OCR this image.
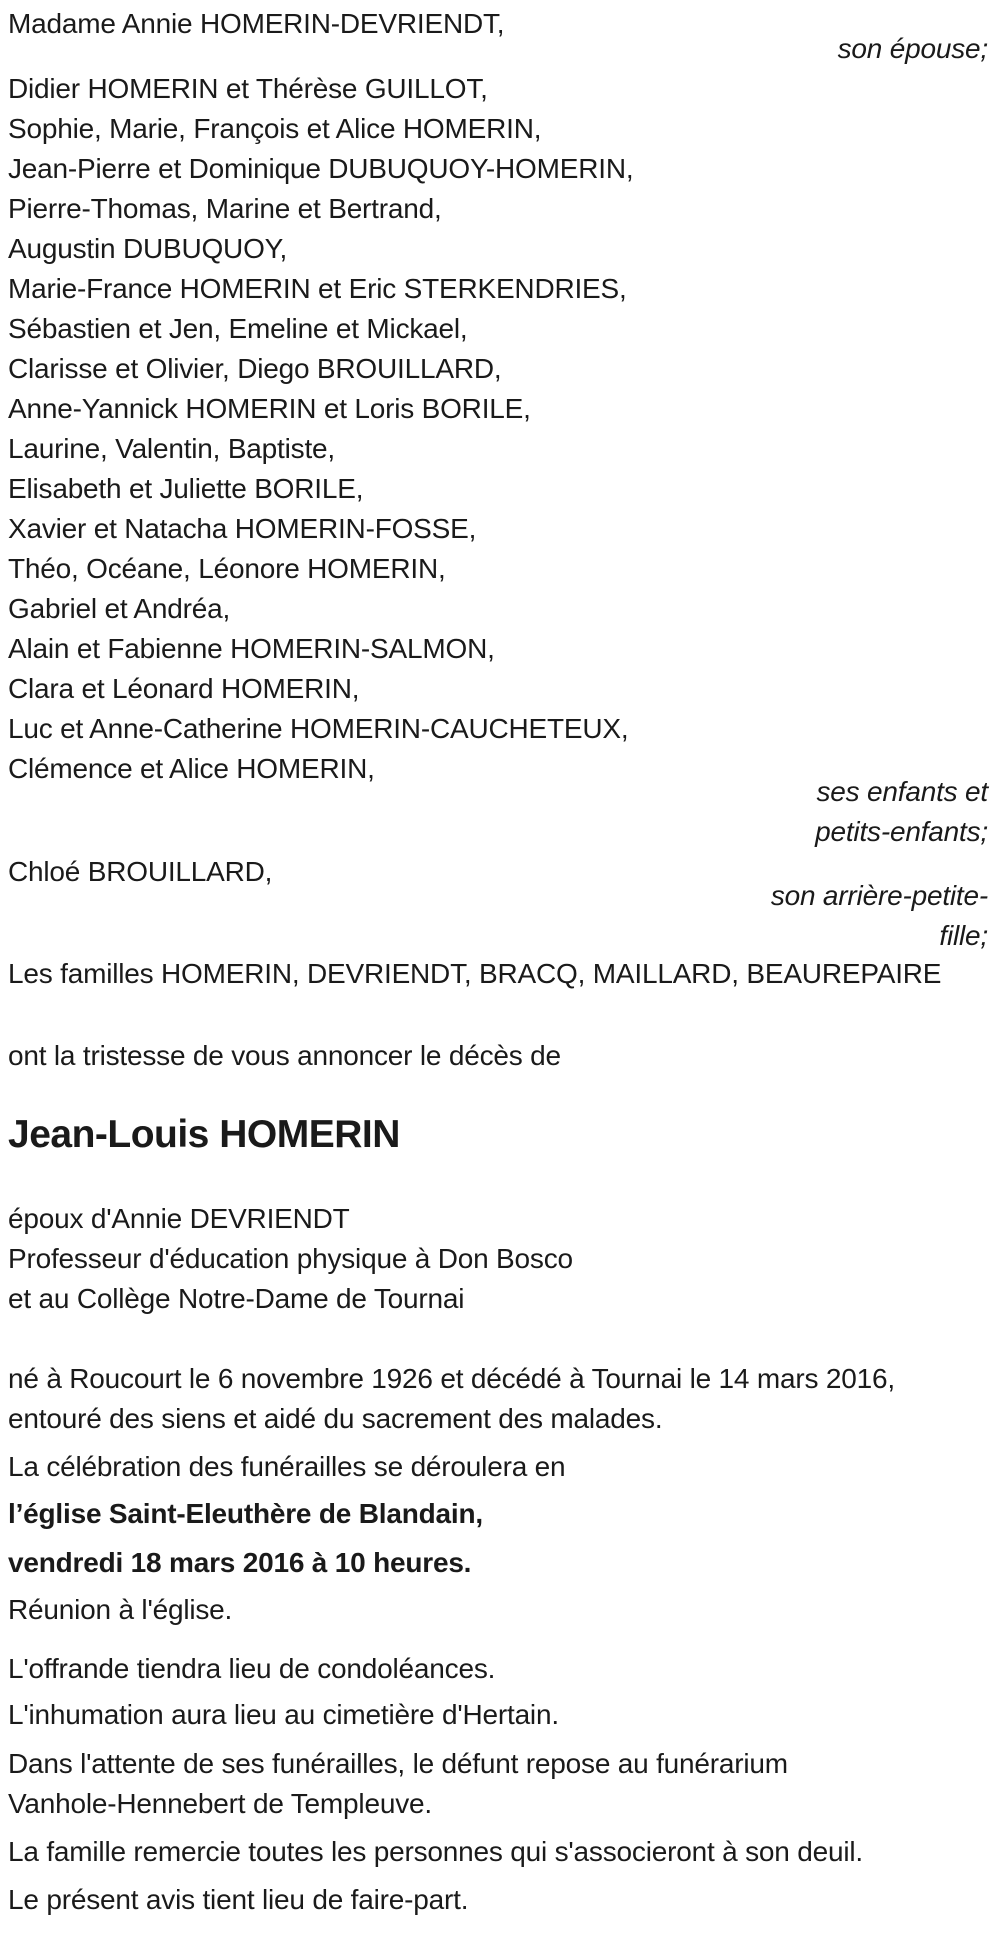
Madame Annie HOMERIN-DEVRIENDT,
son épouse;
Didier HOMERIN et Thérèse GUILLOT,
Sophie, Marie, François et Alice HOMERIN,
Jean-Pierre et Dominique DUBUQUOY-HOMERIN,
Pierre-Thomas, Marine et Bertrand,
Augustin DUBUQUOY,
Marie-France HOMERIN et Eric STERKENDRIES,
Sébastien et Jen, Emeline et Mickael,
Clarisse et Olivier, Diego BROUILLARD,
Anne-Yannick HOMERIN et Loris BORILE,
Laurine, Valentin, Baptiste,
Elisabeth et Juliette BORILE,
Xavier et Natacha HOMERIN-FOSSE,
Théo, Océane, Léonore HOMERIN,
Gabriel et Andréa,
Alain et Fabienne HOMERIN-SALMON,
Clara et Léonard HOMERIN,
Luc et Anne-Catherine HOMERIN-CAUCHETEUX,
Clémence et Alice HOMERIN,
ses enfants et
petits-enfants;
Chloé BROUILLARD,
son arrière-petite-
fille;
Les familles HOMERIN, DEVRIENDT, BRACQ, MAILLARD, BEAUREPAIRE
ont la tristesse de vous annoncer le décès de
Jean-Louis HOMERIN
époux d'Annie DEVRIENDT
Professeur d'éducation physique à Don Bosco
et au Collège Notre-Dame de Tournai
né à Roucourt le 6 novembre 1926 et décédé à Tournai le 14 mars 2016,
entouré des siens et aidé du sacrement des malades.
La célébration des funérailles se déroulera en
l’église Saint-Eleuthère de Blandain,
vendredi 18 mars 2016 à 10 heures.
Réunion à l'église.
L'offrande tiendra lieu de condoléances.
L'inhumation aura lieu au cimetière d'Hertain.
Dans l'attente de ses funérailles, le défunt repose au funérarium
Vanhole-Hennebert de Templeuve.
La famille remercie toutes les personnes qui s'associeront à son deuil.
Le présent avis tient lieu de faire-part.
